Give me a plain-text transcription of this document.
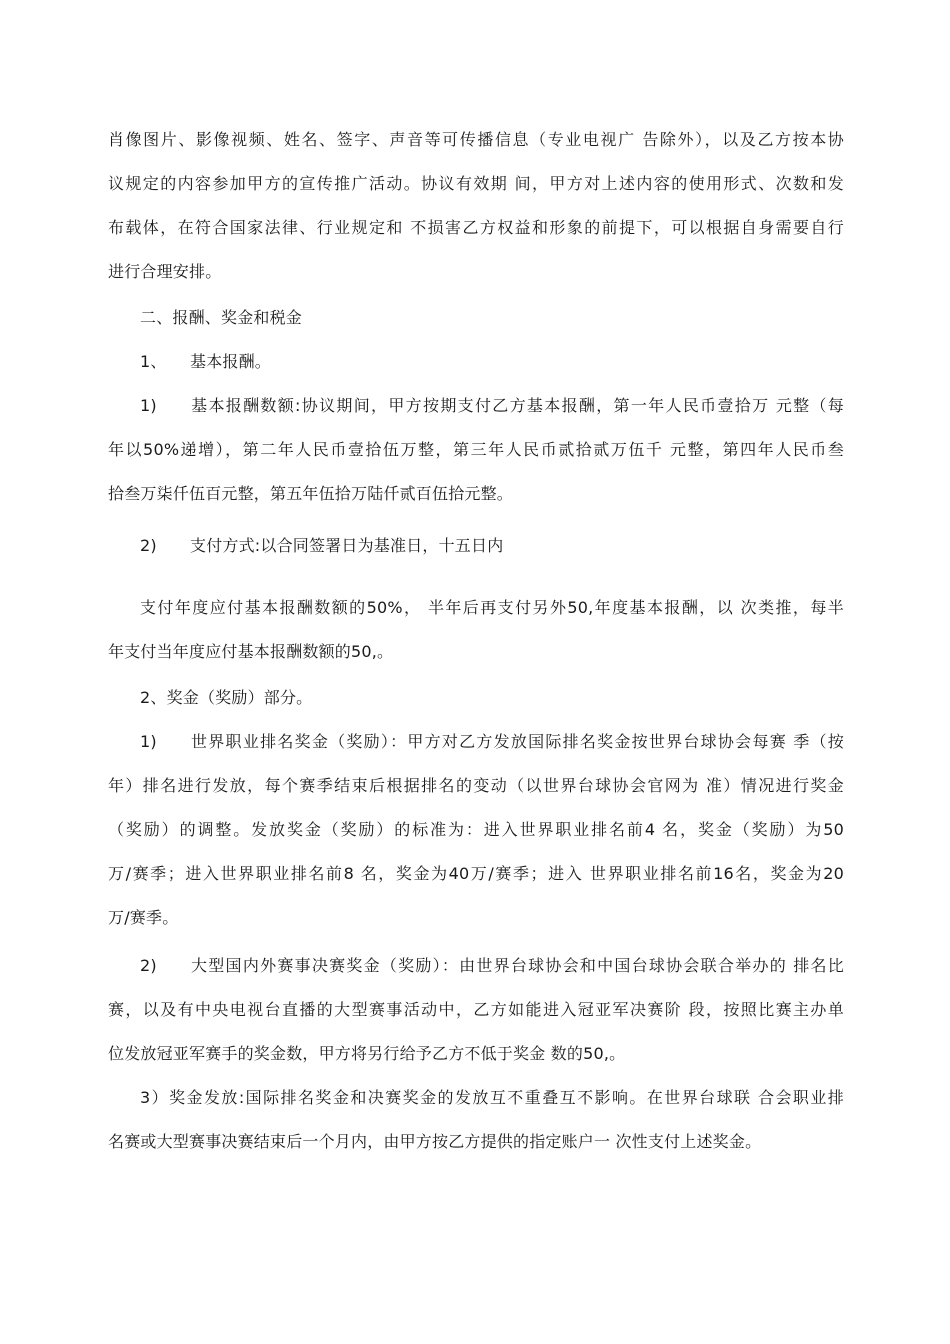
肖像图片、影像视频、姓名、签字、声音等可传播信息（专业电视广 告除外），以及乙方按本协
议规定的内容参加甲方的宣传推广活动。协议有效期 间，甲方对上述内容的使用形式、次数和发
布载体，在符合国家法律、行业规定和 不损害乙方权益和形象的前提下，可以根据自身需要自行
进行合理安排。
二、报酬、奖金和税金
1、 基本报酬。
1) 基本报酬数额:协议期间，甲方按期支付乙方基本报酬，第一年人民币壹拾万 元整（每
年以50%递增），第二年人民币壹拾伍万整，第三年人民币贰拾贰万伍千 元整，第四年人民币叁
拾叁万柒仟伍百元整，第五年伍拾万陆仟贰百伍拾元整。
2) 支付方式:以合同签署日为基准日，十五日内
支付年度应付基本报酬数额的50%， 半年后再支付另外50,年度基本报酬，以 次类推，每半
年支付当年度应付基本报酬数额的50,。
2、奖金（奖励）部分。
1) 世界职业排名奖金（奖励）：甲方对乙方发放国际排名奖金按世界台球协会每赛 季（按
年）排名进行发放，每个赛季结束后根据排名的变动（以世界台球协会官网为 准）情况进行奖金
（奖励）的调整。发放奖金（奖励）的标准为：进入世界职业排名前4 名，奖金（奖励）为50
万/赛季；进入世界职业排名前8 名，奖金为40万/赛季；进入 世界职业排名前16名，奖金为20
万/赛季。
2) 大型国内外赛事决赛奖金（奖励）：由世界台球协会和中国台球协会联合举办的 排名比
赛，以及有中央电视台直播的大型赛事活动中，乙方如能进入冠亚军决赛阶 段，按照比赛主办单
位发放冠亚军赛手的奖金数，甲方将另行给予乙方不低于奖金 数的50,。
3）奖金发放:国际排名奖金和决赛奖金的发放互不重叠互不影响。在世界台球联 合会职业排
名赛或大型赛事决赛结束后一个月内，由甲方按乙方提供的指定账户一 次性支付上述奖金。
